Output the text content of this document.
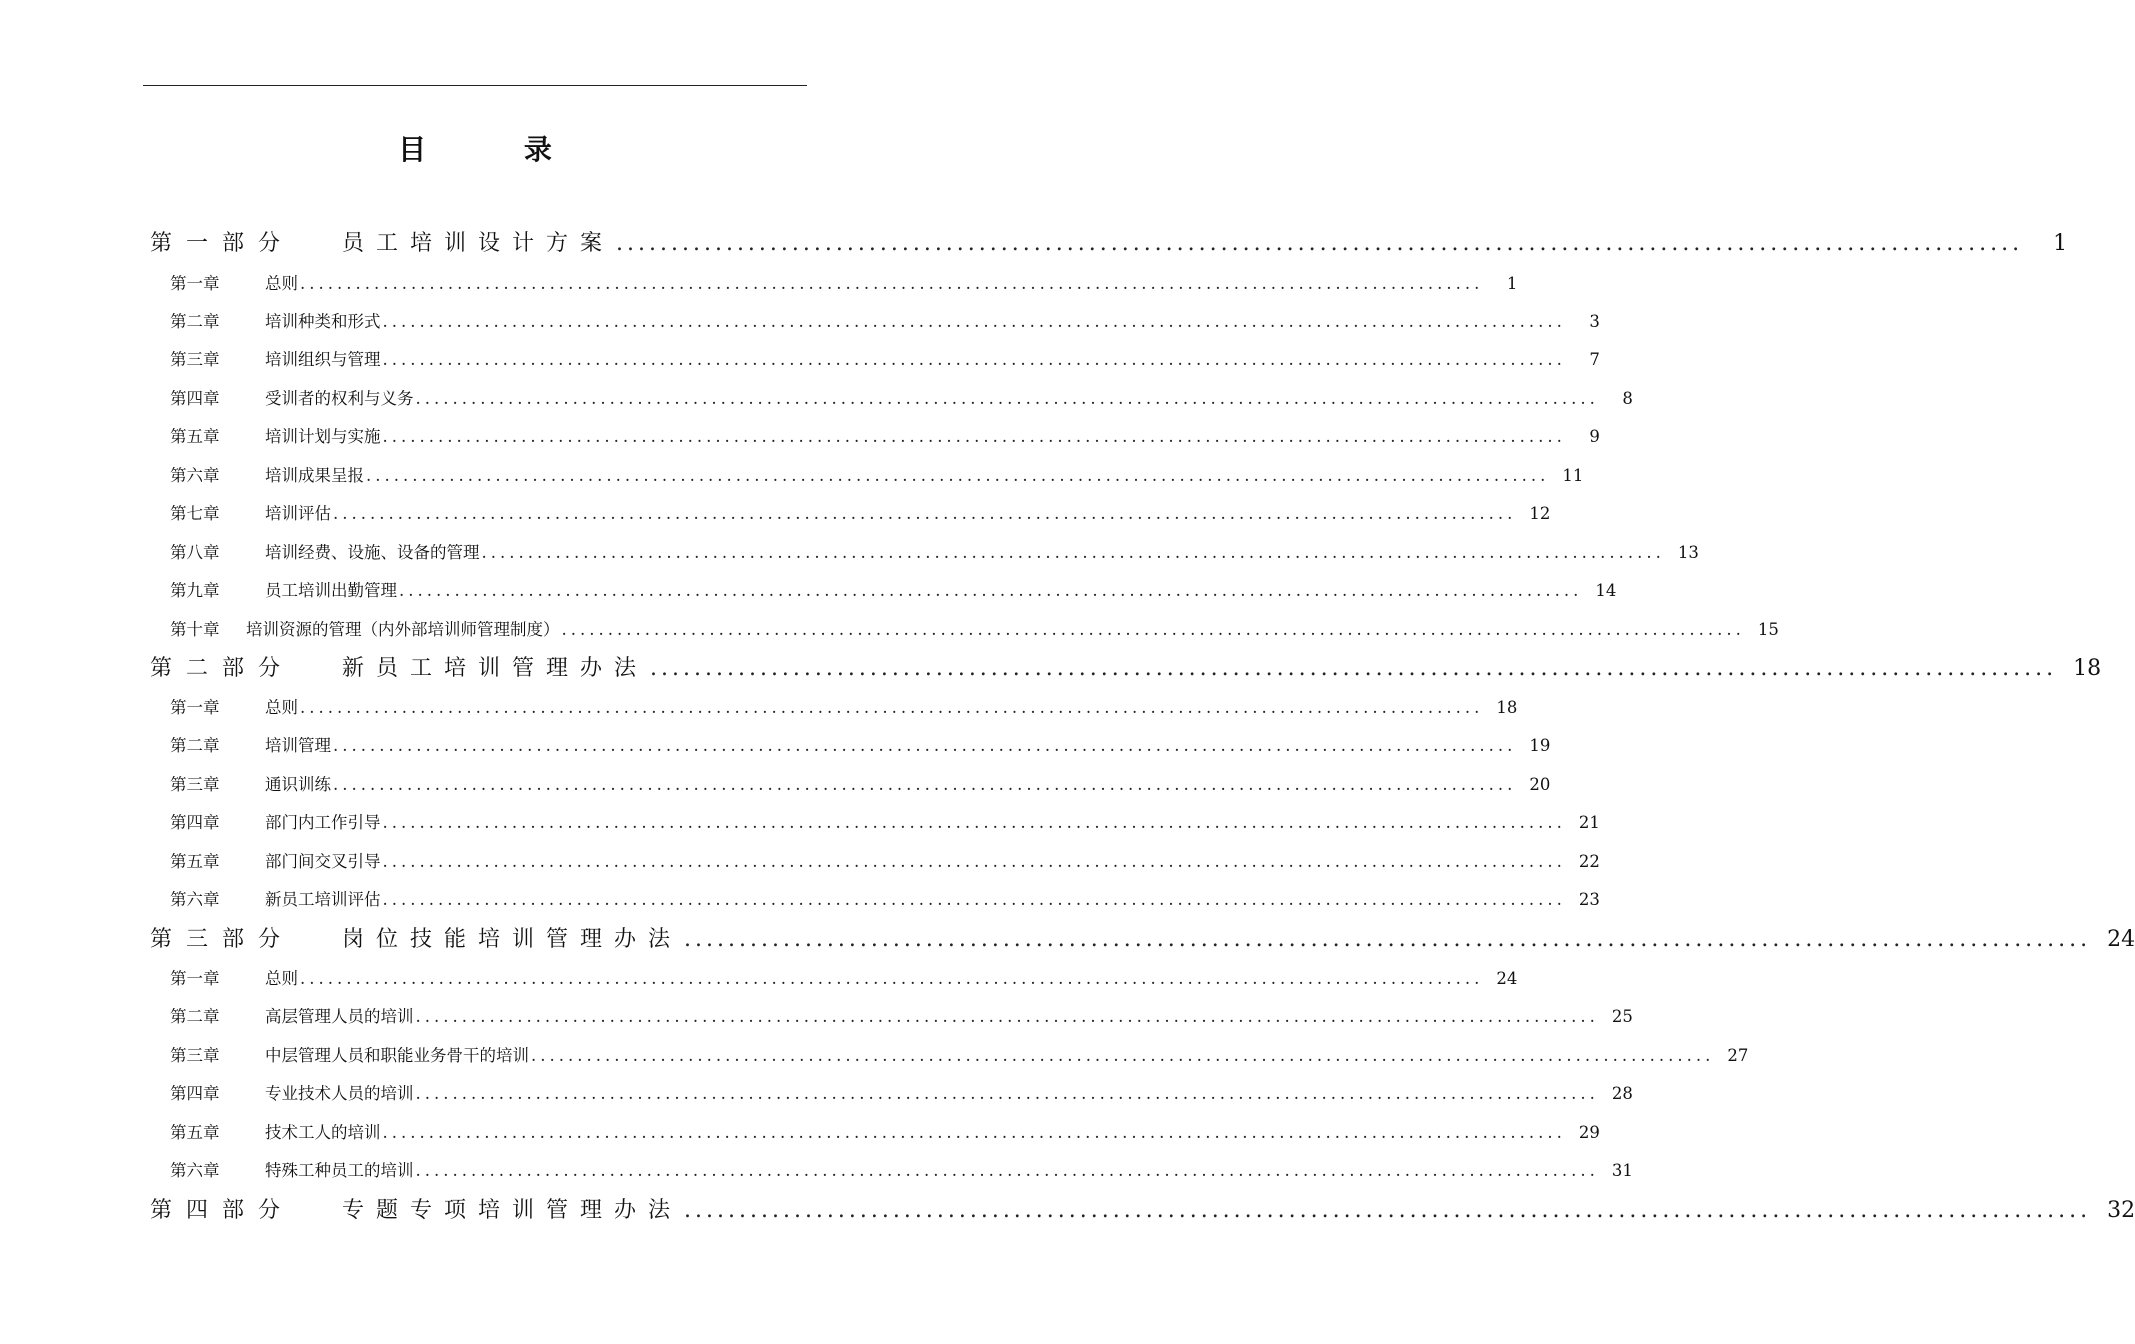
目 录
第一部分	员工培训设计方案 ................................................................................................................................	1
第一章	总则 ................................................................................................................................	1
第二章	培训种类和形式 ................................................................................................................................	3
第三章	培训组织与管理 ................................................................................................................................	7
第四章	受训者的权利与义务 ................................................................................................................................	8
第五章	培训计划与实施 ................................................................................................................................	9
第六章	培训成果呈报 ................................................................................................................................ 11
第七章	培训评估 ................................................................................................................................ 12
第八章	培训经费、设施、设备的管理 ................................................................................................................................ 13
第九章	员工培训出勤管理 ................................................................................................................................ 14
第十章	培训资源的管理（内外部培训师管理制度） ................................................................................................................................ 15
第二部分	新员工培训管理办法 ................................................................................................................................ 18
第一章	总则 ................................................................................................................................ 18
第二章	培训管理 ................................................................................................................................ 19
第三章	通识训练 ................................................................................................................................ 20
第四章	部门内工作引导 ................................................................................................................................ 21
第五章	部门间交叉引导 ................................................................................................................................ 22
第六章	新员工培训评估 ................................................................................................................................ 23
第三部分	岗位技能培训管理办法 ................................................................................................................................ 24
第一章	总则 ................................................................................................................................ 24
第二章	高层管理人员的培训 ................................................................................................................................ 25
第三章	中层管理人员和职能业务骨干的培训 ................................................................................................................................ 27
第四章	专业技术人员的培训 ................................................................................................................................ 28
第五章	技术工人的培训 ................................................................................................................................ 29
第六章	特殊工种员工的培训 ................................................................................................................................ 31
第四部分	专题专项培训管理办法 ................................................................................................................................ 32
